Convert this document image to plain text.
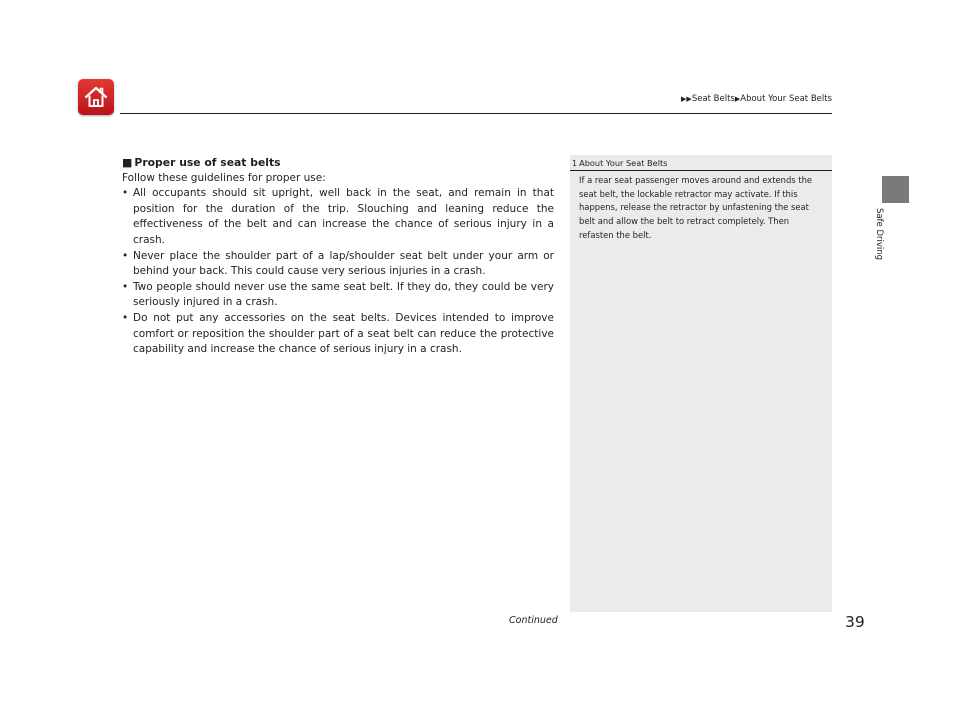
▶▶Seat Belts▶About Your Seat Belts
Safe Driving
■ Proper use of seat belts

Follow these guidelines for proper use:

• All occupants should sit upright, well back in the seat, and remain in that position for the duration of the trip. Slouching and leaning reduce the effectiveness of the belt and can increase the chance of serious injury in a crash.
• Never place the shoulder part of a lap/shoulder seat belt under your arm or behind your back. This could cause very serious injuries in a crash.
• Two people should never use the same seat belt. If they do, they could be very seriously injured in a crash.
• Do not put any accessories on the seat belts. Devices intended to improve comfort or reposition the shoulder part of a seat belt can reduce the protective capability and increase the chance of serious injury in a crash.
1 About Your Seat Belts
If a rear seat passenger moves around and extends the seat belt, the lockable retractor may activate. If this happens, release the retractor by unfastening the seat belt and allow the belt to retract completely. Then refasten the belt.
Continued	39
